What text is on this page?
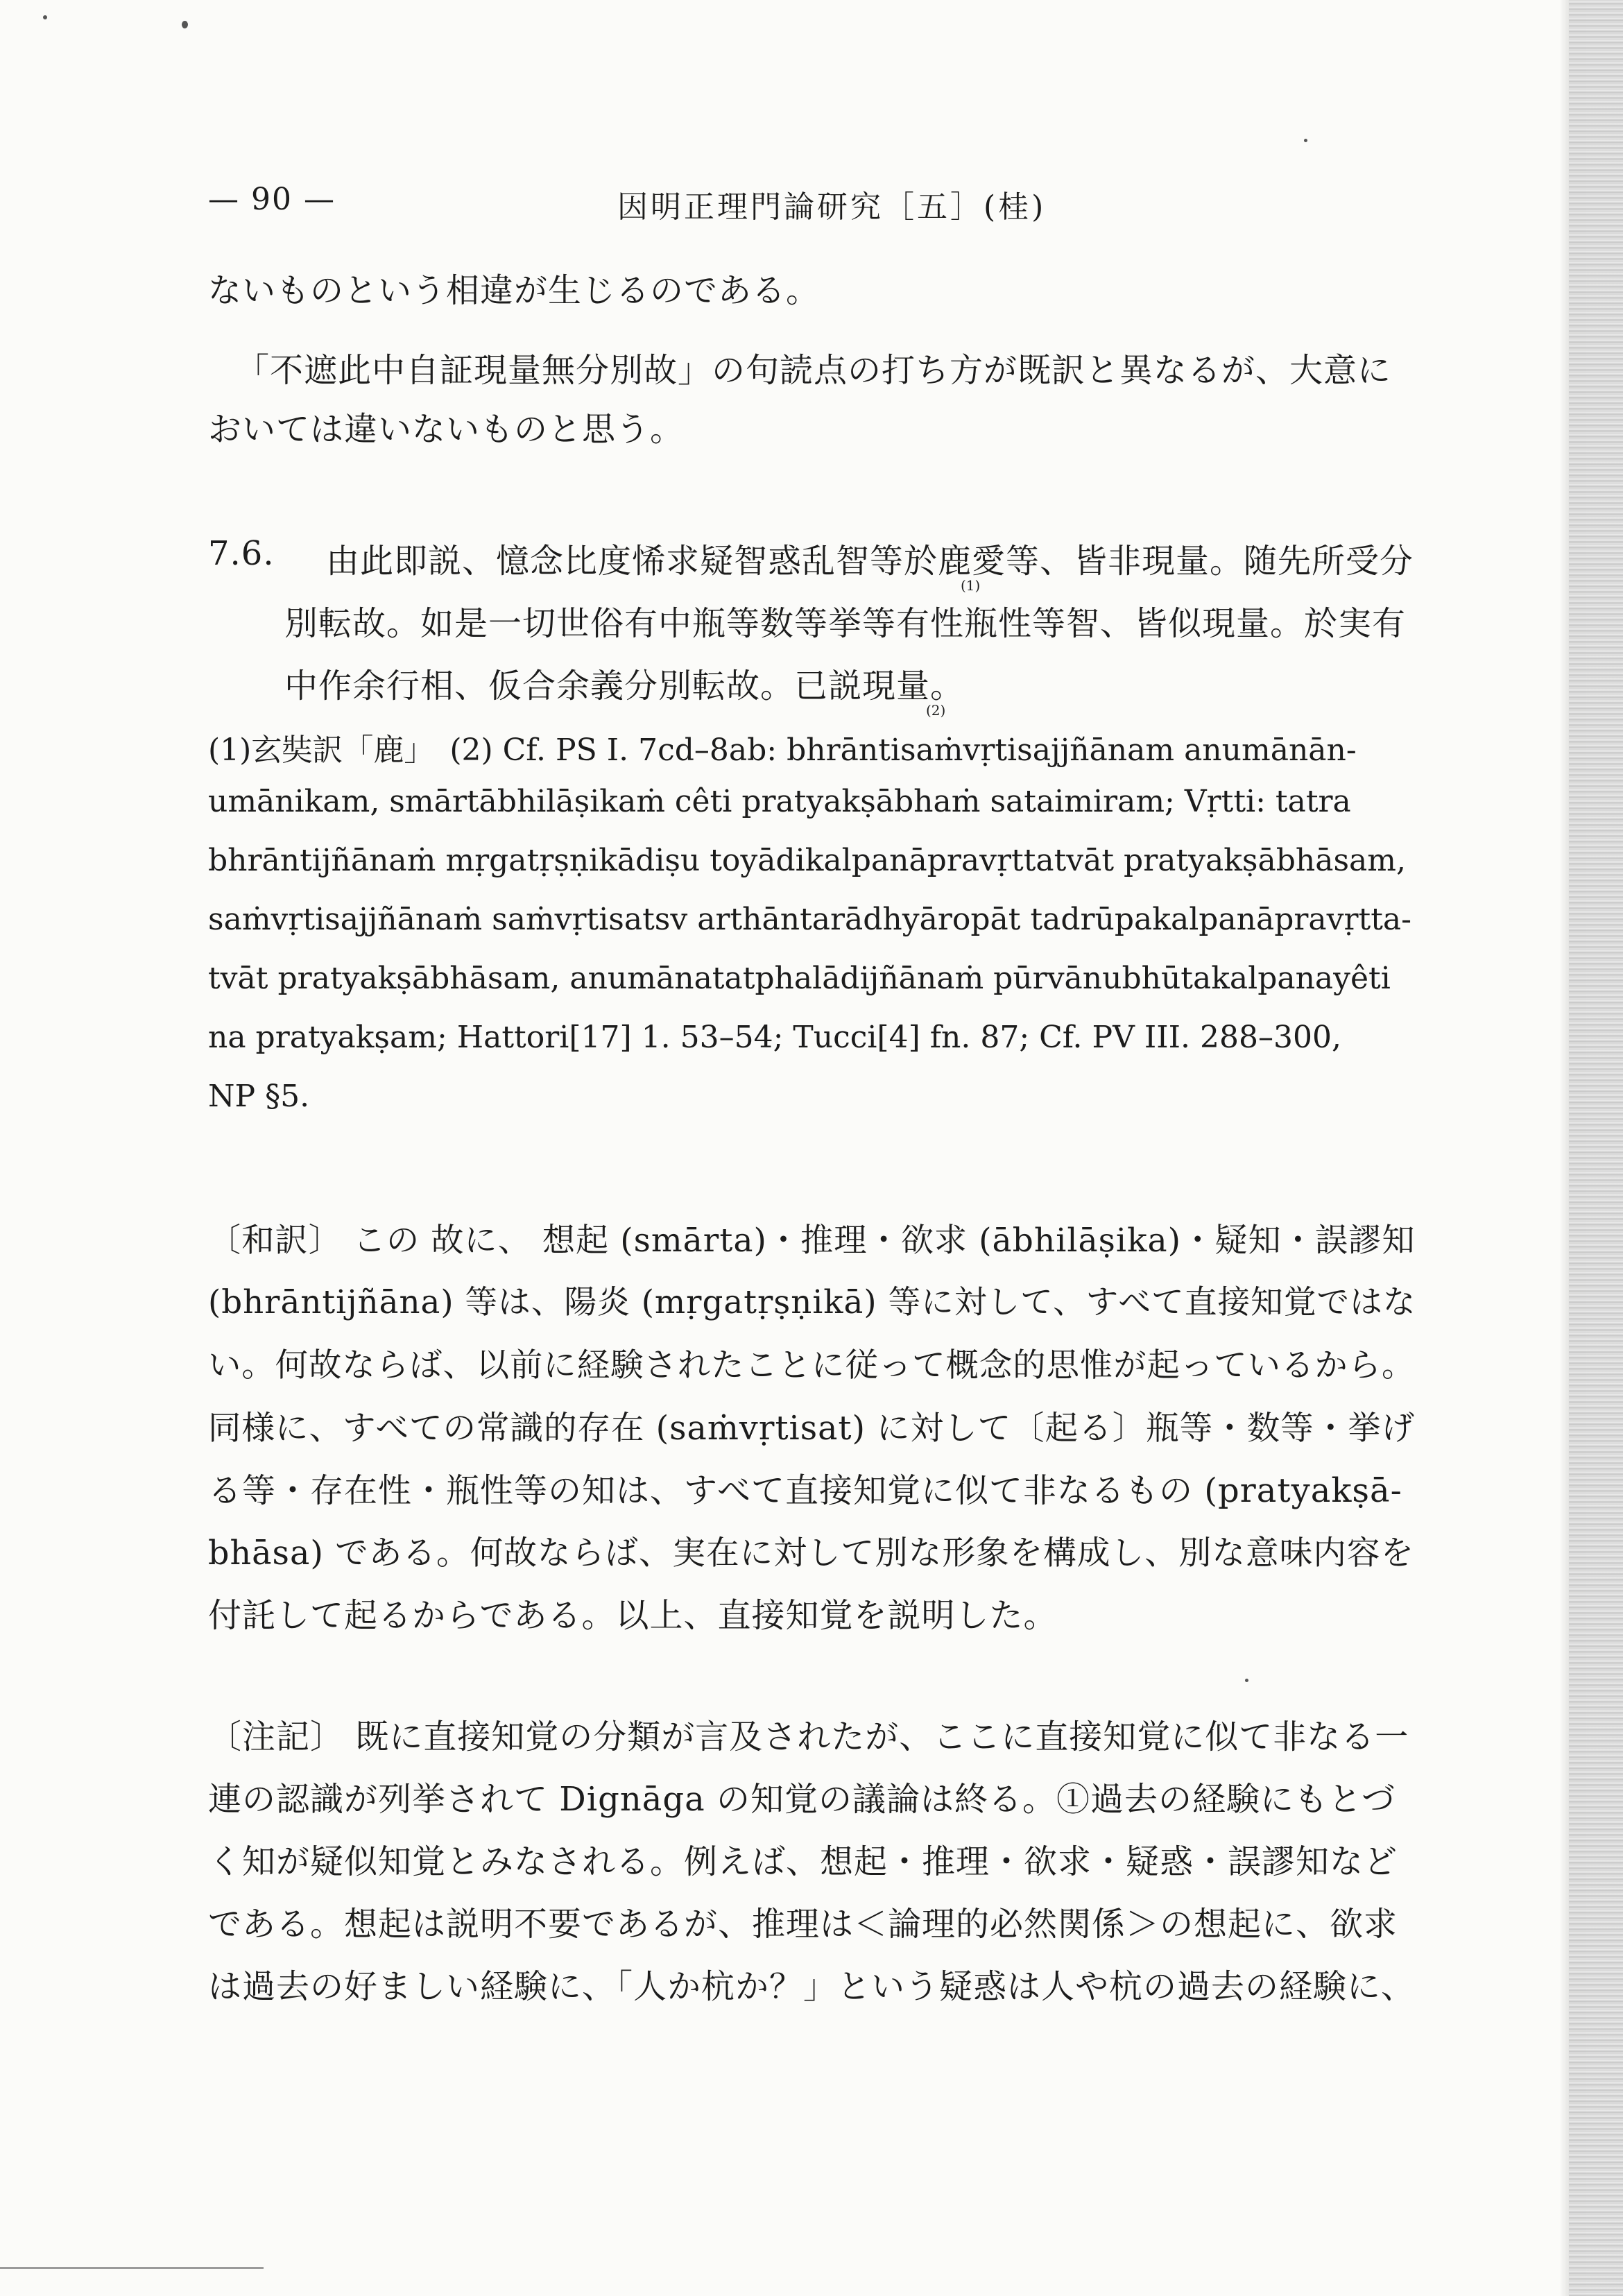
— 90 —	因明正理門論研究［五］(桂)
ないものという相違が生じるのである。
「不遮此中自証現量無分別故」の句読点の打ち方が既訳と異なるが、大意に
おいては違いないものと思う。
7.6. 由此即説、憶念比度悕求疑智惑乱智等於鹿愛等、皆非現量。随先所受分
(1)
別転故。如是一切世俗有中瓶等数等挙等有性瓶性等智、皆似現量。於実有
中作余行相、仮合余義分別転故。已説現量。
(2)
(1)玄奘訳「鹿」　(2) Cf. PS I. 7cd–8ab: bhrāntisaṁvṛtisajjñānam anumānān-
umānikam, smārtābhilāṣikaṁ cêti pratyakṣābhaṁ sataimiram; Vṛtti: tatra
bhrāntijñānaṁ mṛgatṛṣṇikādiṣu toyādikalpanāpravṛttatvāt pratyakṣābhāsam,
saṁvṛtisajjñānaṁ saṁvṛtisatsv arthāntarādhyāropāt tadrūpakalpanāpravṛtta-
tvāt pratyakṣābhāsam, anumānatatphalādijñānaṁ pūrvānubhūtakalpanayêti
na pratyakṣam; Hattori[17] 1. 53–54; Tucci[4] fn. 87; Cf. PV III. 288–300,
NP §5.
〔和訳〕 この 故に、 想起 (smārta)・推理・欲求 (ābhilāṣika)・疑知・誤謬知
(bhrāntijñāna) 等は、陽炎 (mṛgatṛṣṇikā) 等に対して、すべて直接知覚ではな
い。何故ならば、以前に経験されたことに従って概念的思惟が起っているから。
同様に、すべての常識的存在 (saṁvṛtisat) に対して〔起る〕瓶等・数等・挙げ
る等・存在性・瓶性等の知は、すべて直接知覚に似て非なるもの (pratyakṣā-
bhāsa) である。何故ならば、実在に対して別な形象を構成し、別な意味内容を
付託して起るからである。以上、直接知覚を説明した。
〔注記〕 既に直接知覚の分類が言及されたが、ここに直接知覚に似て非なる一
連の認識が列挙されて Dignāga の知覚の議論は終る。①過去の経験にもとづ
く知が疑似知覚とみなされる。例えば、想起・推理・欲求・疑惑・誤謬知など
である。想起は説明不要であるが、推理は＜論理的必然関係＞の想起に、欲求
は過去の好ましい経験に、「人か杭か？」という疑惑は人や杭の過去の経験に、
